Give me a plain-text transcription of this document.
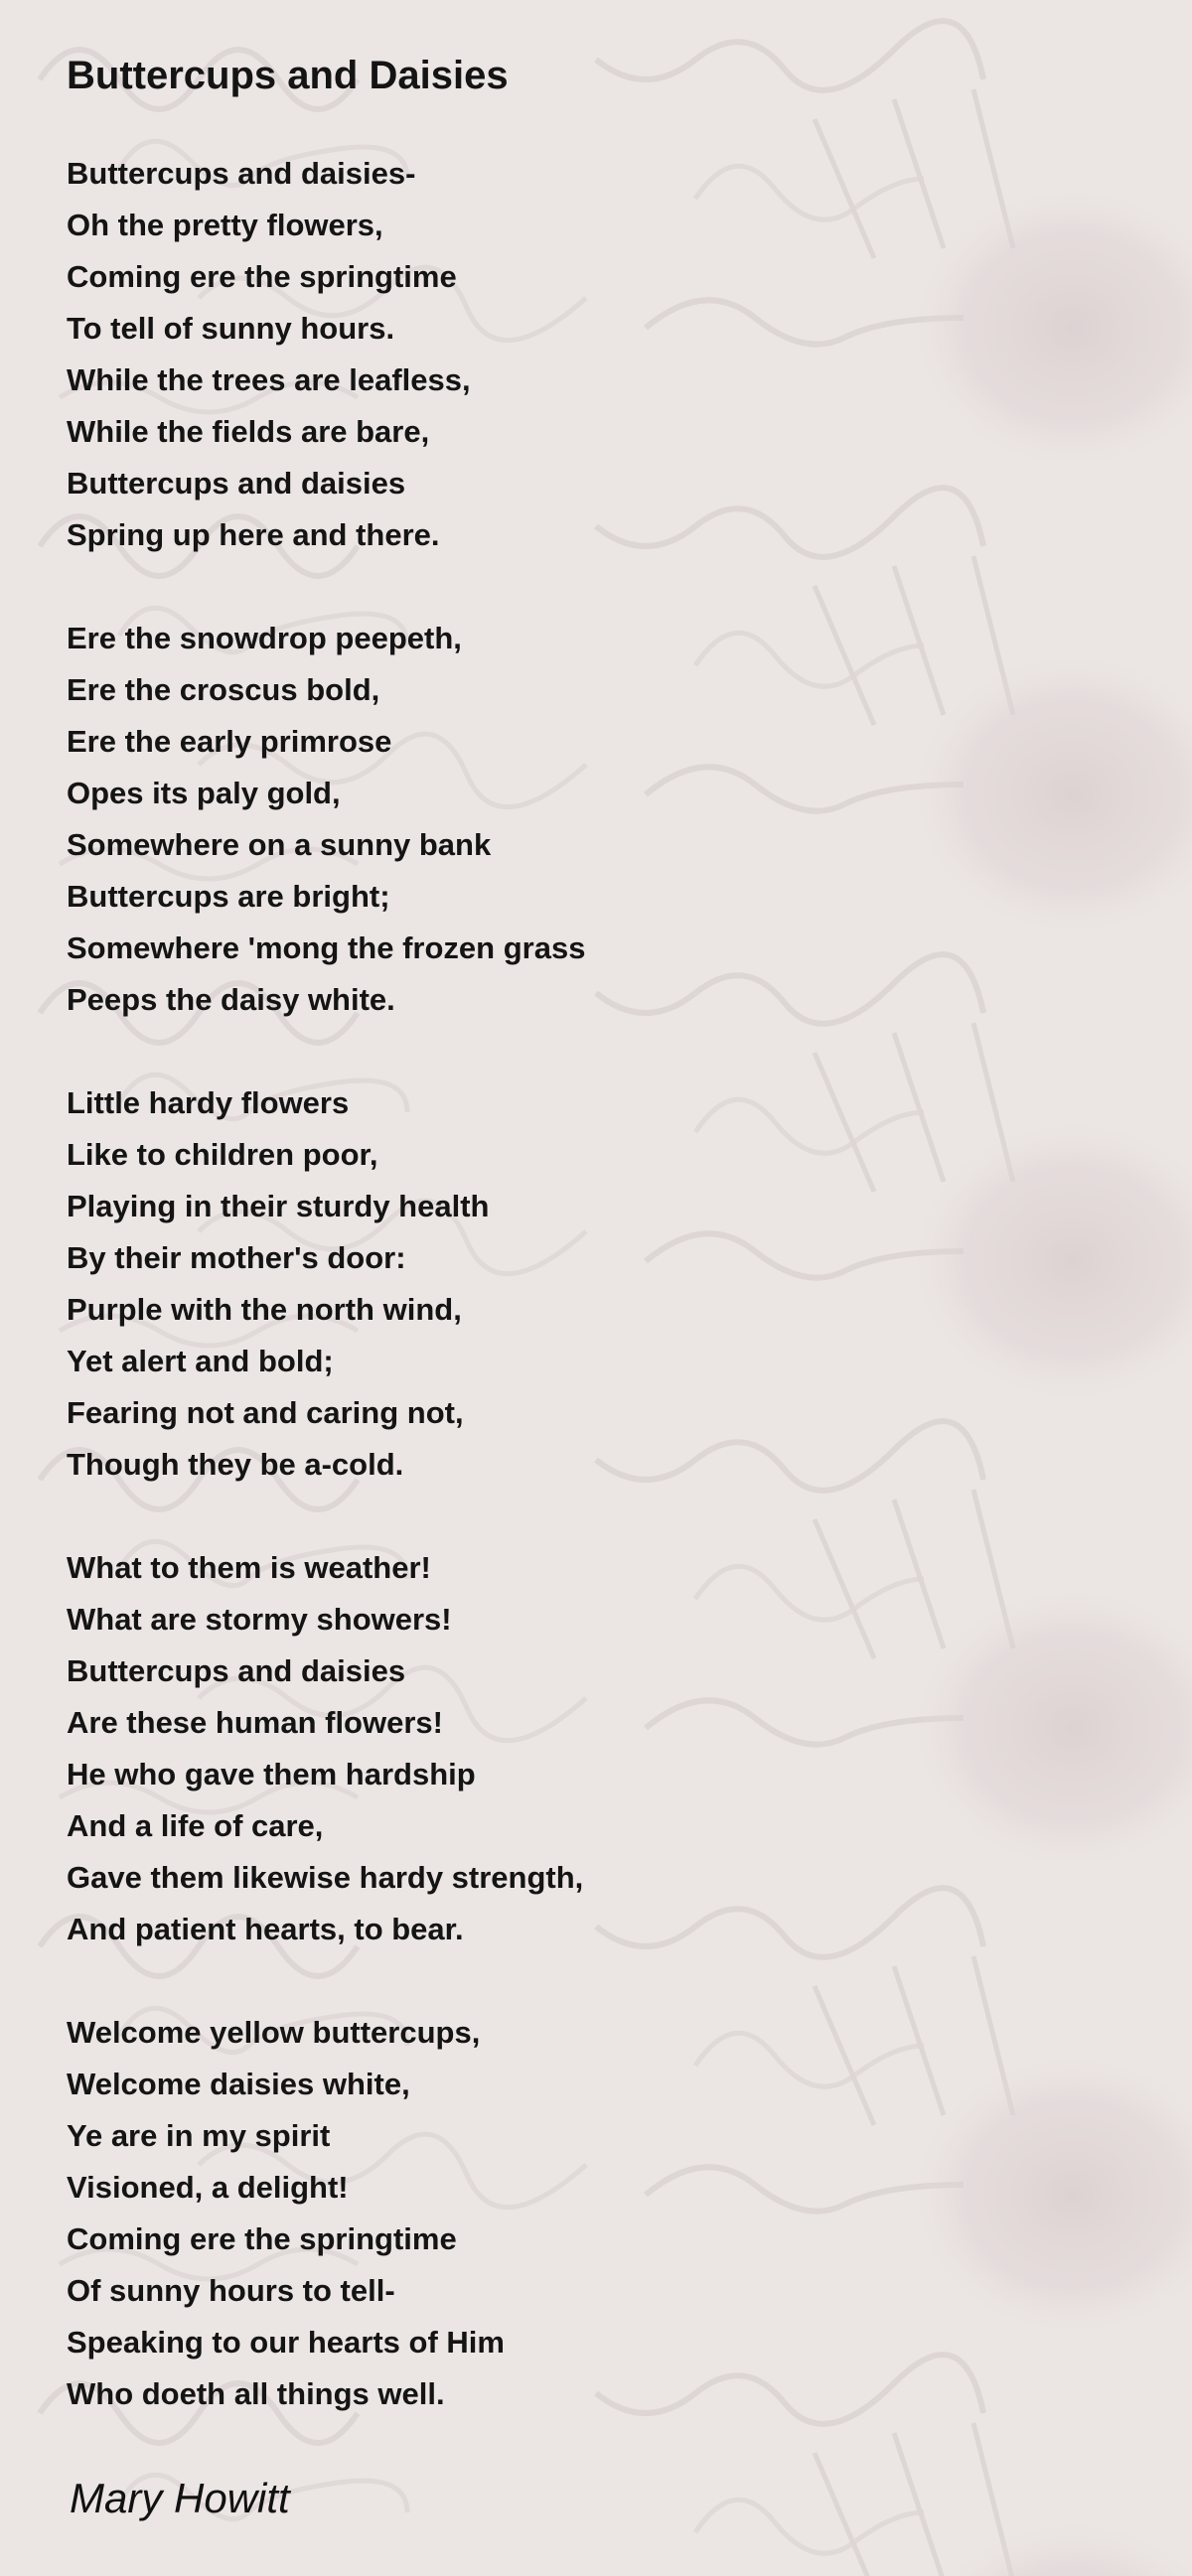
Buttercups and Daisies
Buttercups and daisies-
Oh the pretty flowers,
Coming ere the springtime
To tell of sunny hours.
While the trees are leafless,
While the fields are bare,
Buttercups and daisies
Spring up here and there.
Ere the snowdrop peepeth,
Ere the croscus bold,
Ere the early primrose
Opes its paly gold,
Somewhere on a sunny bank
Buttercups are bright;
Somewhere 'mong the frozen grass
Peeps the daisy white.
Little hardy flowers
Like to children poor,
Playing in their sturdy health
By their mother's door:
Purple with the north wind,
Yet alert and bold;
Fearing not and caring not,
Though they be a-cold.
What to them is weather!
What are stormy showers!
Buttercups and daisies
Are these human flowers!
He who gave them hardship
And a life of care,
Gave them likewise hardy strength,
And patient hearts, to bear.
Welcome yellow buttercups,
Welcome daisies white,
Ye are in my spirit
Visioned, a delight!
Coming ere the springtime
Of sunny hours to tell-
Speaking to our hearts of Him
Who doeth all things well.

Mary Howitt
